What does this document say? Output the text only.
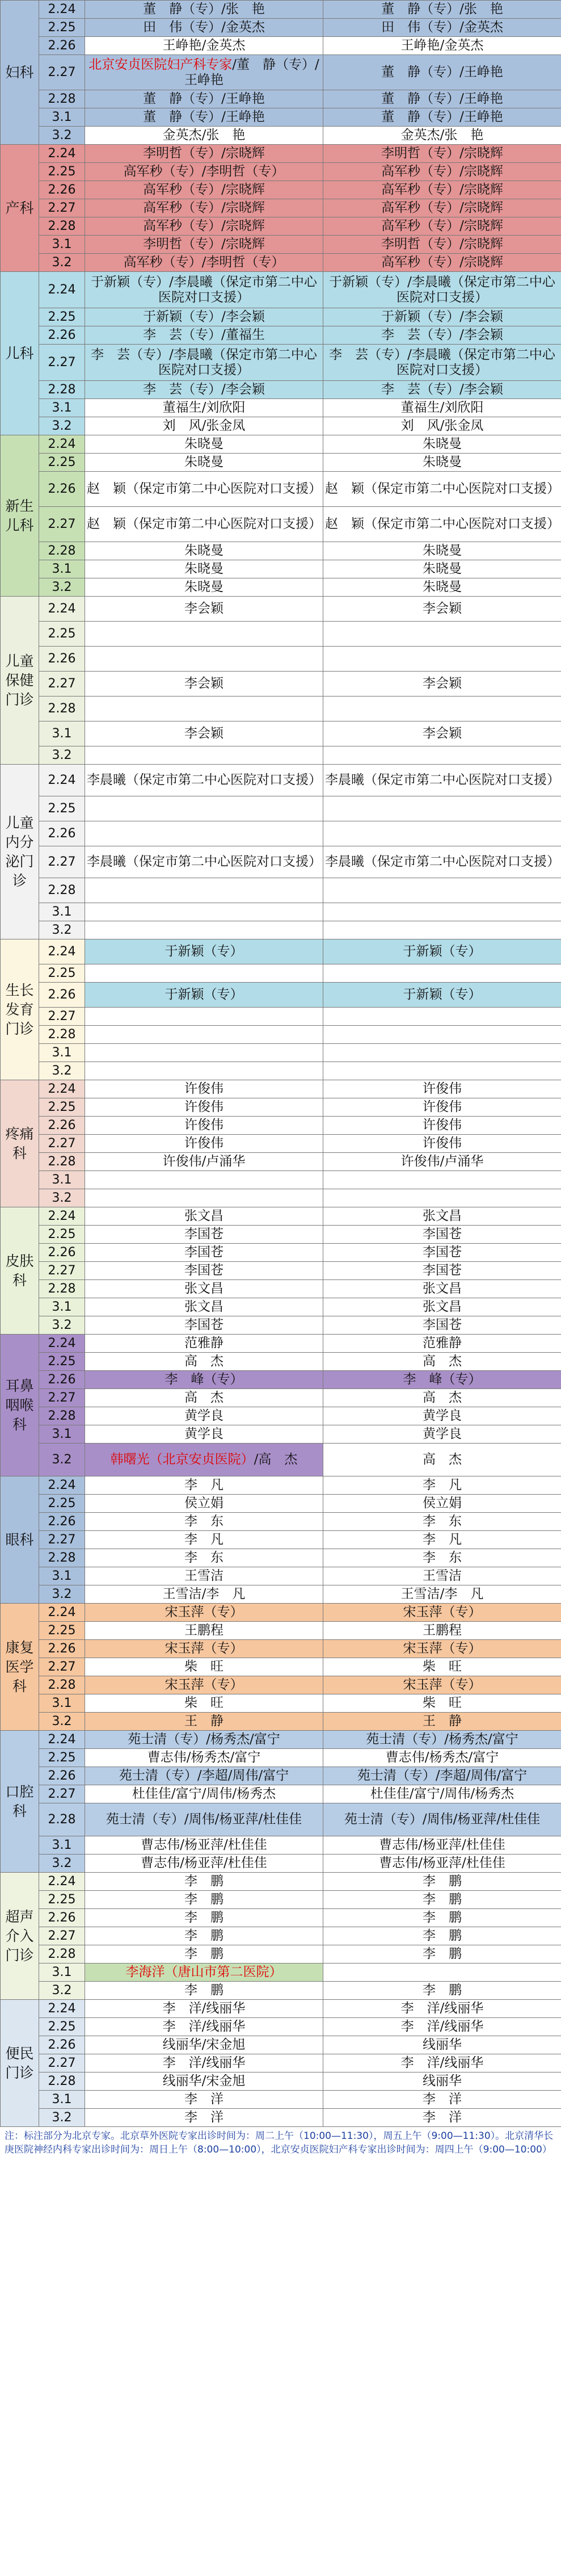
妇科	2.24	董　静（专）/张　艳	董　静（专）/张　艳
	2.25	田　伟（专）/金英杰	田　伟（专）/金英杰
	2.26	王峥艳/金英杰	王峥艳/金英杰
	2.27	北京安贞医院妇产科专家/董　静（专）/王峥艳	董　静（专）/王峥艳
	2.28	董　静（专）/王峥艳	董　静（专）/王峥艳
	3.1	董　静（专）/王峥艳	董　静（专）/王峥艳
	3.2	金英杰/张　艳	金英杰/张　艳
产科	2.24	李明哲（专）/宗晓辉	李明哲（专）/宗晓辉
	2.25	高军秒（专）/李明哲（专）	高军秒（专）/宗晓辉
	2.26	高军秒（专）/宗晓辉	高军秒（专）/宗晓辉
	2.27	高军秒（专）/宗晓辉	高军秒（专）/宗晓辉
	2.28	高军秒（专）/宗晓辉	高军秒（专）/宗晓辉
	3.1	李明哲（专）/宗晓辉	李明哲（专）/宗晓辉
	3.2	高军秒（专）/李明哲（专）	高军秒（专）/宗晓辉
儿科	2.24	于新颖（专）/李晨曦（保定市第二中心医院对口支援）	于新颖（专）/李晨曦（保定市第二中心医院对口支援）
	2.25	于新颖（专）/李会颖	于新颖（专）/李会颖
	2.26	李　芸（专）/董福生	李　芸（专）/李会颖
	2.27	李　芸（专）/李晨曦（保定市第二中心医院对口支援）	李　芸（专）/李晨曦（保定市第二中心医院对口支援）
	2.28	李　芸（专）/李会颖	李　芸（专）/李会颖
	3.1	董福生/刘欣阳	董福生/刘欣阳
	3.2	刘　风/张金凤	刘　风/张金凤
新生儿科	2.24	朱晓曼	朱晓曼
	2.25	朱晓曼	朱晓曼
	2.26	赵　颖（保定市第二中心医院对口支援）	赵　颖（保定市第二中心医院对口支援）
	2.27	赵　颖（保定市第二中心医院对口支援）	赵　颖（保定市第二中心医院对口支援）
	2.28	朱晓曼	朱晓曼
	3.1	朱晓曼	朱晓曼
	3.2	朱晓曼	朱晓曼
儿童保健门诊	2.24	李会颖	李会颖
	2.25		
	2.26		
	2.27	李会颖	李会颖
	2.28		
	3.1	李会颖	李会颖
	3.2		
儿童内分泌门诊	2.24	李晨曦（保定市第二中心医院对口支援）	李晨曦（保定市第二中心医院对口支援）
	2.25		
	2.26		
	2.27	李晨曦（保定市第二中心医院对口支援）	李晨曦（保定市第二中心医院对口支援）
	2.28		
	3.1		
	3.2		
生长发育门诊	2.24	于新颖（专）	于新颖（专）
	2.25		
	2.26	于新颖（专）	于新颖（专）
	2.27		
	2.28		
	3.1		
	3.2		
疼痛科	2.24	许俊伟	许俊伟
	2.25	许俊伟	许俊伟
	2.26	许俊伟	许俊伟
	2.27	许俊伟	许俊伟
	2.28	许俊伟/卢涌华	许俊伟/卢涌华
	3.1		
	3.2		
皮肤科	2.24	张文昌	张文昌
	2.25	李国苍	李国苍
	2.26	李国苍	李国苍
	2.27	李国苍	李国苍
	2.28	张文昌	张文昌
	3.1	张文昌	张文昌
	3.2	李国苍	李国苍
耳鼻咽喉科	2.24	范雅静	范雅静
	2.25	高　杰	高　杰
	2.26	李　峰（专）	李　峰（专）
	2.27	高　杰	高　杰
	2.28	黄学良	黄学良
	3.1	黄学良	黄学良
	3.2	韩曙光（北京安贞医院）/高　杰	高　杰
眼科	2.24	李　凡	李　凡
	2.25	侯立娟	侯立娟
	2.26	李　东	李　东
	2.27	李　凡	李　凡
	2.28	李　东	李　东
	3.1	王雪洁	王雪洁
	3.2	王雪洁/李　凡	王雪洁/李　凡
康复医学科	2.24	宋玉萍（专）	宋玉萍（专）
	2.25	王鹏程	王鹏程
	2.26	宋玉萍（专）	宋玉萍（专）
	2.27	柴　旺	柴　旺
	2.28	宋玉萍（专）	宋玉萍（专）
	3.1	柴　旺	柴　旺
	3.2	王　静	王　静
口腔科	2.24	苑士清（专）/杨秀杰/富宁	苑士清（专）/杨秀杰/富宁
	2.25	曹志伟/杨秀杰/富宁	曹志伟/杨秀杰/富宁
	2.26	苑士清（专）/李超/周伟/富宁	苑士清（专）/李超/周伟/富宁
	2.27	杜佳佳/富宁/周伟/杨秀杰	杜佳佳/富宁/周伟/杨秀杰
	2.28	苑士清（专）/周伟/杨亚萍/杜佳佳	苑士清（专）/周伟/杨亚萍/杜佳佳
	3.1	曹志伟/杨亚萍/杜佳佳	曹志伟/杨亚萍/杜佳佳
	3.2	曹志伟/杨亚萍/杜佳佳	曹志伟/杨亚萍/杜佳佳
超声介入门诊	2.24	李　鹏	李　鹏
	2.25	李　鹏	李　鹏
	2.26	李　鹏	李　鹏
	2.27	李　鹏	李　鹏
	2.28	李　鹏	李　鹏
	3.1	李海洋（唐山市第二医院）	
	3.2	李　鹏	李　鹏
便民门诊	2.24	李　洋/线丽华	李　洋/线丽华
	2.25	李　洋/线丽华	李　洋/线丽华
	2.26	线丽华/宋金旭	线丽华
	2.27	李　洋/线丽华	李　洋/线丽华
	2.28	线丽华/宋金旭	线丽华
	3.1	李　洋	李　洋
	3.2	李　洋	李　洋
注：标注部分为北京专家。北京草外医院专家出诊时间为：周二上午（10:00—11:30），周五上午（9:00—11:30）。北京清华长庚医院神经内科专家出诊时间为：周日上午（8:00—10:00），北京安贞医院妇产科专家出诊时间为：周四上午（9:00—10:00）
